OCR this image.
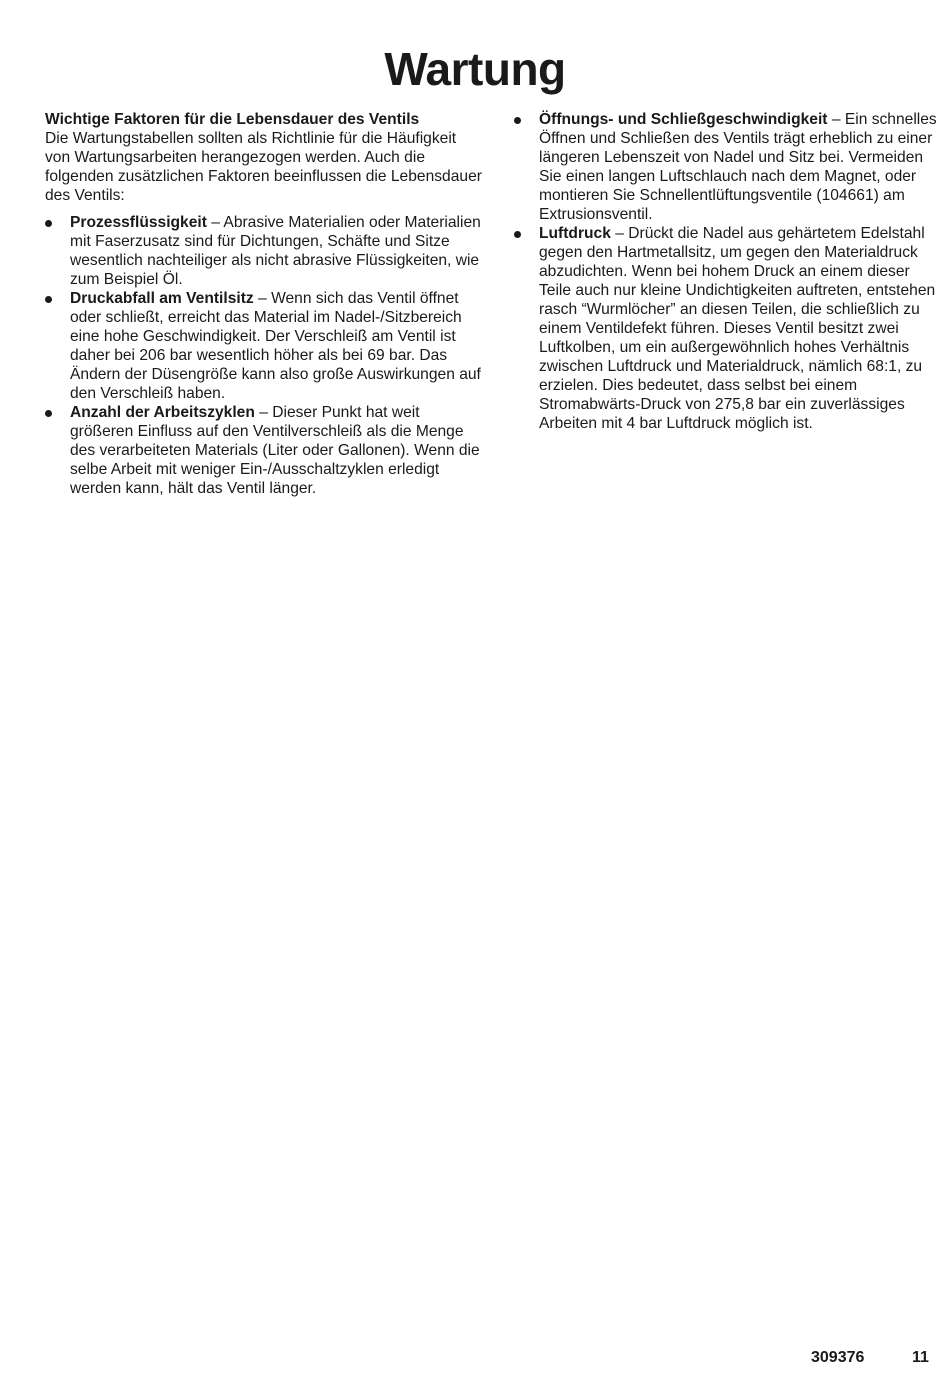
Wartung

Wichtige Faktoren für die Lebensdauer des Ventils

Die Wartungstabellen sollten als Richtlinie für die Häufigkeit von Wartungsarbeiten herangezogen werden. Auch die folgenden zusätzlichen Faktoren beeinflussen die Lebensdauer des Ventils:

Prozessflüssigkeit – Abrasive Materialien oder Materialien mit Faserzusatz sind für Dichtungen, Schäfte und Sitze wesentlich nachteiliger als nicht abrasive Flüssigkeiten, wie zum Beispiel Öl.
Druckabfall am Ventilsitz – Wenn sich das Ventil öffnet oder schließt, erreicht das Material im Nadel-/Sitzbereich eine hohe Geschwindigkeit. Der Verschleiß am Ventil ist daher bei 206 bar wesentlich höher als bei 69 bar. Das Ändern der Düsengröße kann also große Auswirkungen auf den Verschleiß haben.
Anzahl der Arbeitszyklen – Dieser Punkt hat weit größeren Einfluss auf den Ventilverschleiß als die Menge des verarbeiteten Materials (Liter oder Gallonen). Wenn die selbe Arbeit mit weniger Ein-/Ausschaltzyklen erledigt werden kann, hält das Ventil länger.
Öffnungs- und Schließgeschwindigkeit – Ein schnelles Öffnen und Schließen des Ventils trägt erheblich zu einer längeren Lebenszeit von Nadel und Sitz bei. Vermeiden Sie einen langen Luftschlauch nach dem Magnet, oder montieren Sie Schnellentlüftungsventile (104661) am Extrusionsventil.
Luftdruck – Drückt die Nadel aus gehärtetem Edelstahl gegen den Hartmetallsitz, um gegen den Materialdruck abzudichten. Wenn bei hohem Druck an einem dieser Teile auch nur kleine Undichtigkeiten auftreten, entstehen rasch “Wurmlöcher” an diesen Teilen, die schließlich zu einem Ventildefekt führen. Dieses Ventil besitzt zwei Luftkolben, um ein außergewöhnlich hohes Verhältnis zwischen Luftdruck und Materialdruck, nämlich 68:1, zu erzielen. Dies bedeutet, dass selbst bei einem Stromabwärts-Druck von 275,8 bar ein zuverlässiges Arbeiten mit 4 bar Luftdruck möglich ist.
309376	11
